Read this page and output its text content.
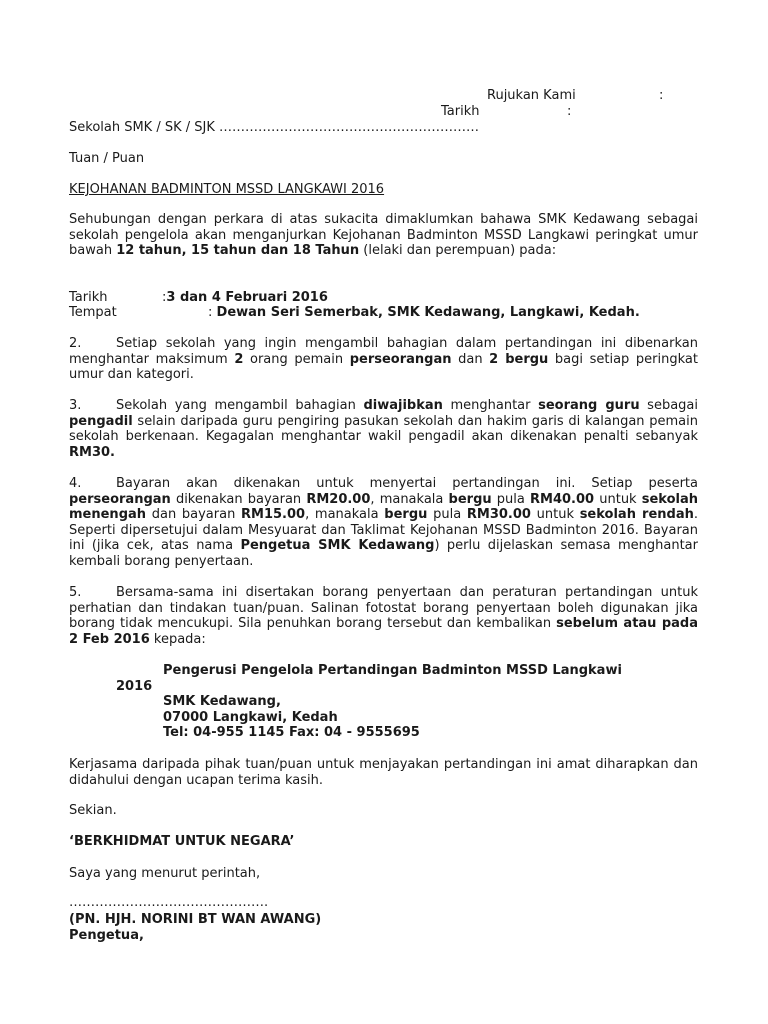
Rujukan Kami	:
Tarikh	:
Sekolah SMK / SK / SJK ……………………………………………………
Tuan / Puan
KEJOHANAN BADMINTON MSSD LANGKAWI 2016

Sehubungan dengan perkara di atas sukacita dimaklumkan bahawa SMK Kedawang sebagai sekolah pengelola akan menganjurkan Kejohanan Badminton MSSD Langkawi peringkat umur bawah 12 tahun, 15 tahun dan 18 Tahun (lelaki dan perempuan) pada:

Tarikh	:3 dan 4 Februari 2016
Tempat	: Dewan Seri Semerbak, SMK Kedawang, Langkawi, Kedah.

2.	Setiap sekolah yang ingin mengambil bahagian dalam pertandingan ini dibenarkan menghantar maksimum 2 orang pemain perseorangan dan 2 bergu bagi setiap peringkat umur dan kategori.

3.	Sekolah yang mengambil bahagian diwajibkan menghantar seorang guru sebagai pengadil selain daripada guru pengiring pasukan sekolah dan hakim garis di kalangan pemain sekolah berkenaan. Kegagalan menghantar wakil pengadil akan dikenakan penalti sebanyak RM30.

4.	Bayaran akan dikenakan untuk menyertai pertandingan ini. Setiap peserta perseorangan dikenakan bayaran RM20.00, manakala bergu pula RM40.00 untuk sekolah menengah dan bayaran RM15.00, manakala bergu pula RM30.00 untuk sekolah rendah. Seperti dipersetujui dalam Mesyuarat dan Taklimat Kejohanan MSSD Badminton 2016. Bayaran ini (jika cek, atas nama Pengetua SMK Kedawang) perlu dijelaskan semasa menghantar kembali borang penyertaan.

5.	Bersama-sama ini disertakan borang penyertaan dan peraturan pertandingan untuk perhatian dan tindakan tuan/puan. Salinan fotostat borang penyertaan boleh digunakan jika borang tidak mencukupi. Sila penuhkan borang tersebut dan kembalikan sebelum atau pada 2 Feb 2016 kepada:

Pengerusi Pengelola Pertandingan Badminton MSSD Langkawi
2016
SMK Kedawang,
07000 Langkawi, Kedah
Tel: 04-955 1145 Fax: 04 - 9555695

Kerjasama daripada pihak tuan/puan untuk menjayakan pertandingan ini amat diharapkan dan didahului dengan ucapan terima kasih.

Sekian.
‘BERKHIDMAT UNTUK NEGARA’
Saya yang menurut perintah,
……………………………………….
(PN. HJH. NORINI BT WAN AWANG)
Pengetua,
